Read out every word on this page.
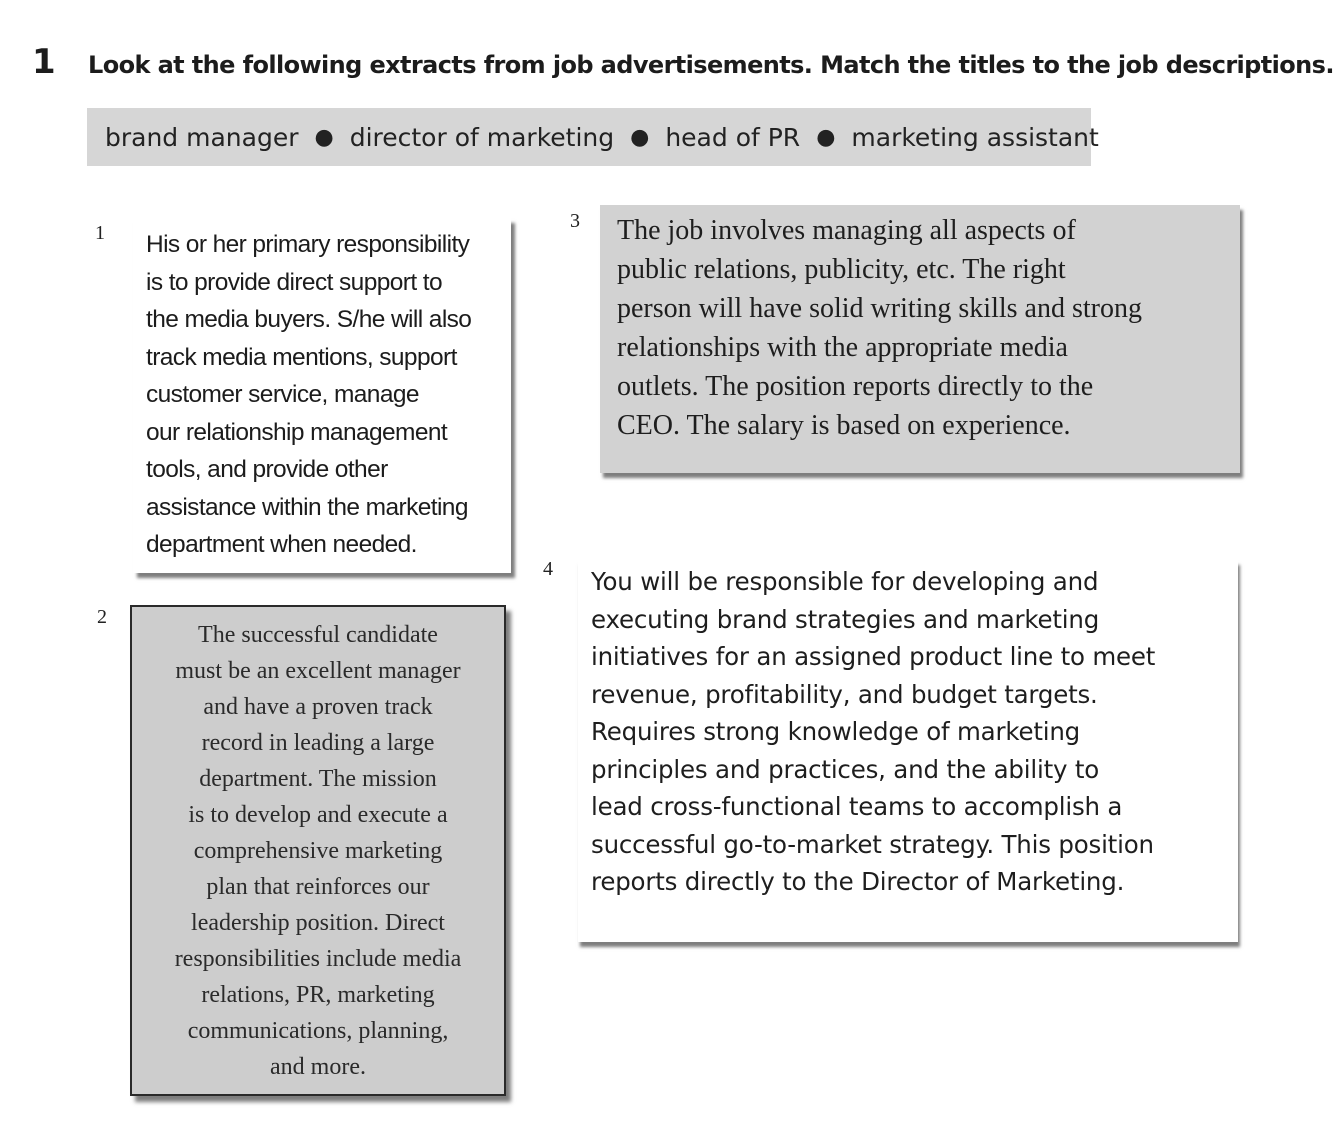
1 Look at the following extracts from job advertisements. Match the titles to the job descriptions.
brand manager ● director of marketing ● head of PR ● marketing assistant
1 His or her primary responsibility

is to provide direct support to

the media buyers. S/he will also

track media mentions, support

customer service, manage

our relationship management

tools, and provide other

assistance within the marketing

department when needed.

2

The successful candidate

must be an excellent manager

and have a proven track

record in leading a large

department. The mission

is to develop and execute a

comprehensive marketing

plan that reinforces our

leadership position. Direct

responsibilities include media

relations, PR, marketing

communications, planning,

and more.

3 The job involves managing all aspects of

public relations, publicity, etc. The right

person will have solid writing skills and strong

relationships with the appropriate media

outlets. The position reports directly to the

CEO. The salary is based on experience.

4 You will be responsible for developing and

executing brand strategies and marketing

initiatives for an assigned product line to meet

revenue, profitability, and budget targets.

Requires strong knowledge of marketing

principles and practices, and the ability to

lead cross-functional teams to accomplish a

successful go-to-market strategy. This position

reports directly to the Director of Marketing.
